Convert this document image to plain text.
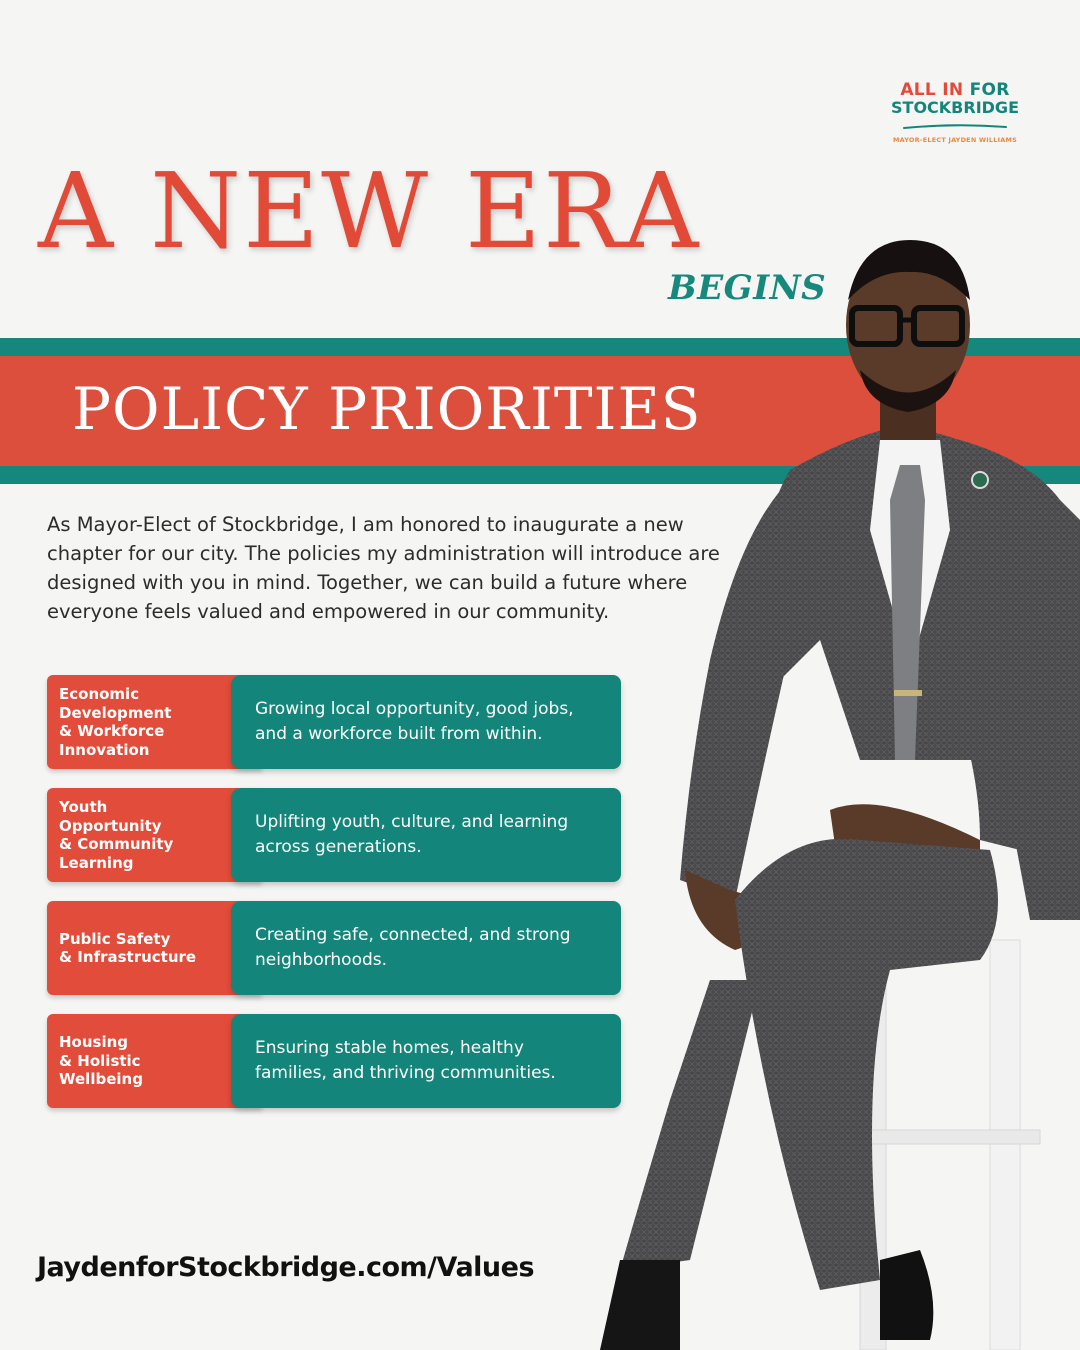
ALL IN FOR
STOCKBRIDGE
MAYOR-ELECT JAYDEN WILLIAMS
A NEW ERA
BEGINS
POLICY PRIORITIES

As Mayor-Elect of Stockbridge, I am honored to inaugurate a new chapter for our city. The policies my administration will introduce are designed with you in mind. Together, we can build a future where everyone feels valued and empowered in our community.

Economic
Development
& Workforce
Innovation
Growing local opportunity, good jobs, and a workforce built from within.
Youth
Opportunity
& Community
Learning
Uplifting youth, culture, and learning across generations.
Public Safety
& Infrastructure
Creating safe, connected, and strong neighborhoods.
Housing
& Holistic
Wellbeing
Ensuring stable homes, healthy families, and thriving communities.
JaydenforStockbridge.com/Values
